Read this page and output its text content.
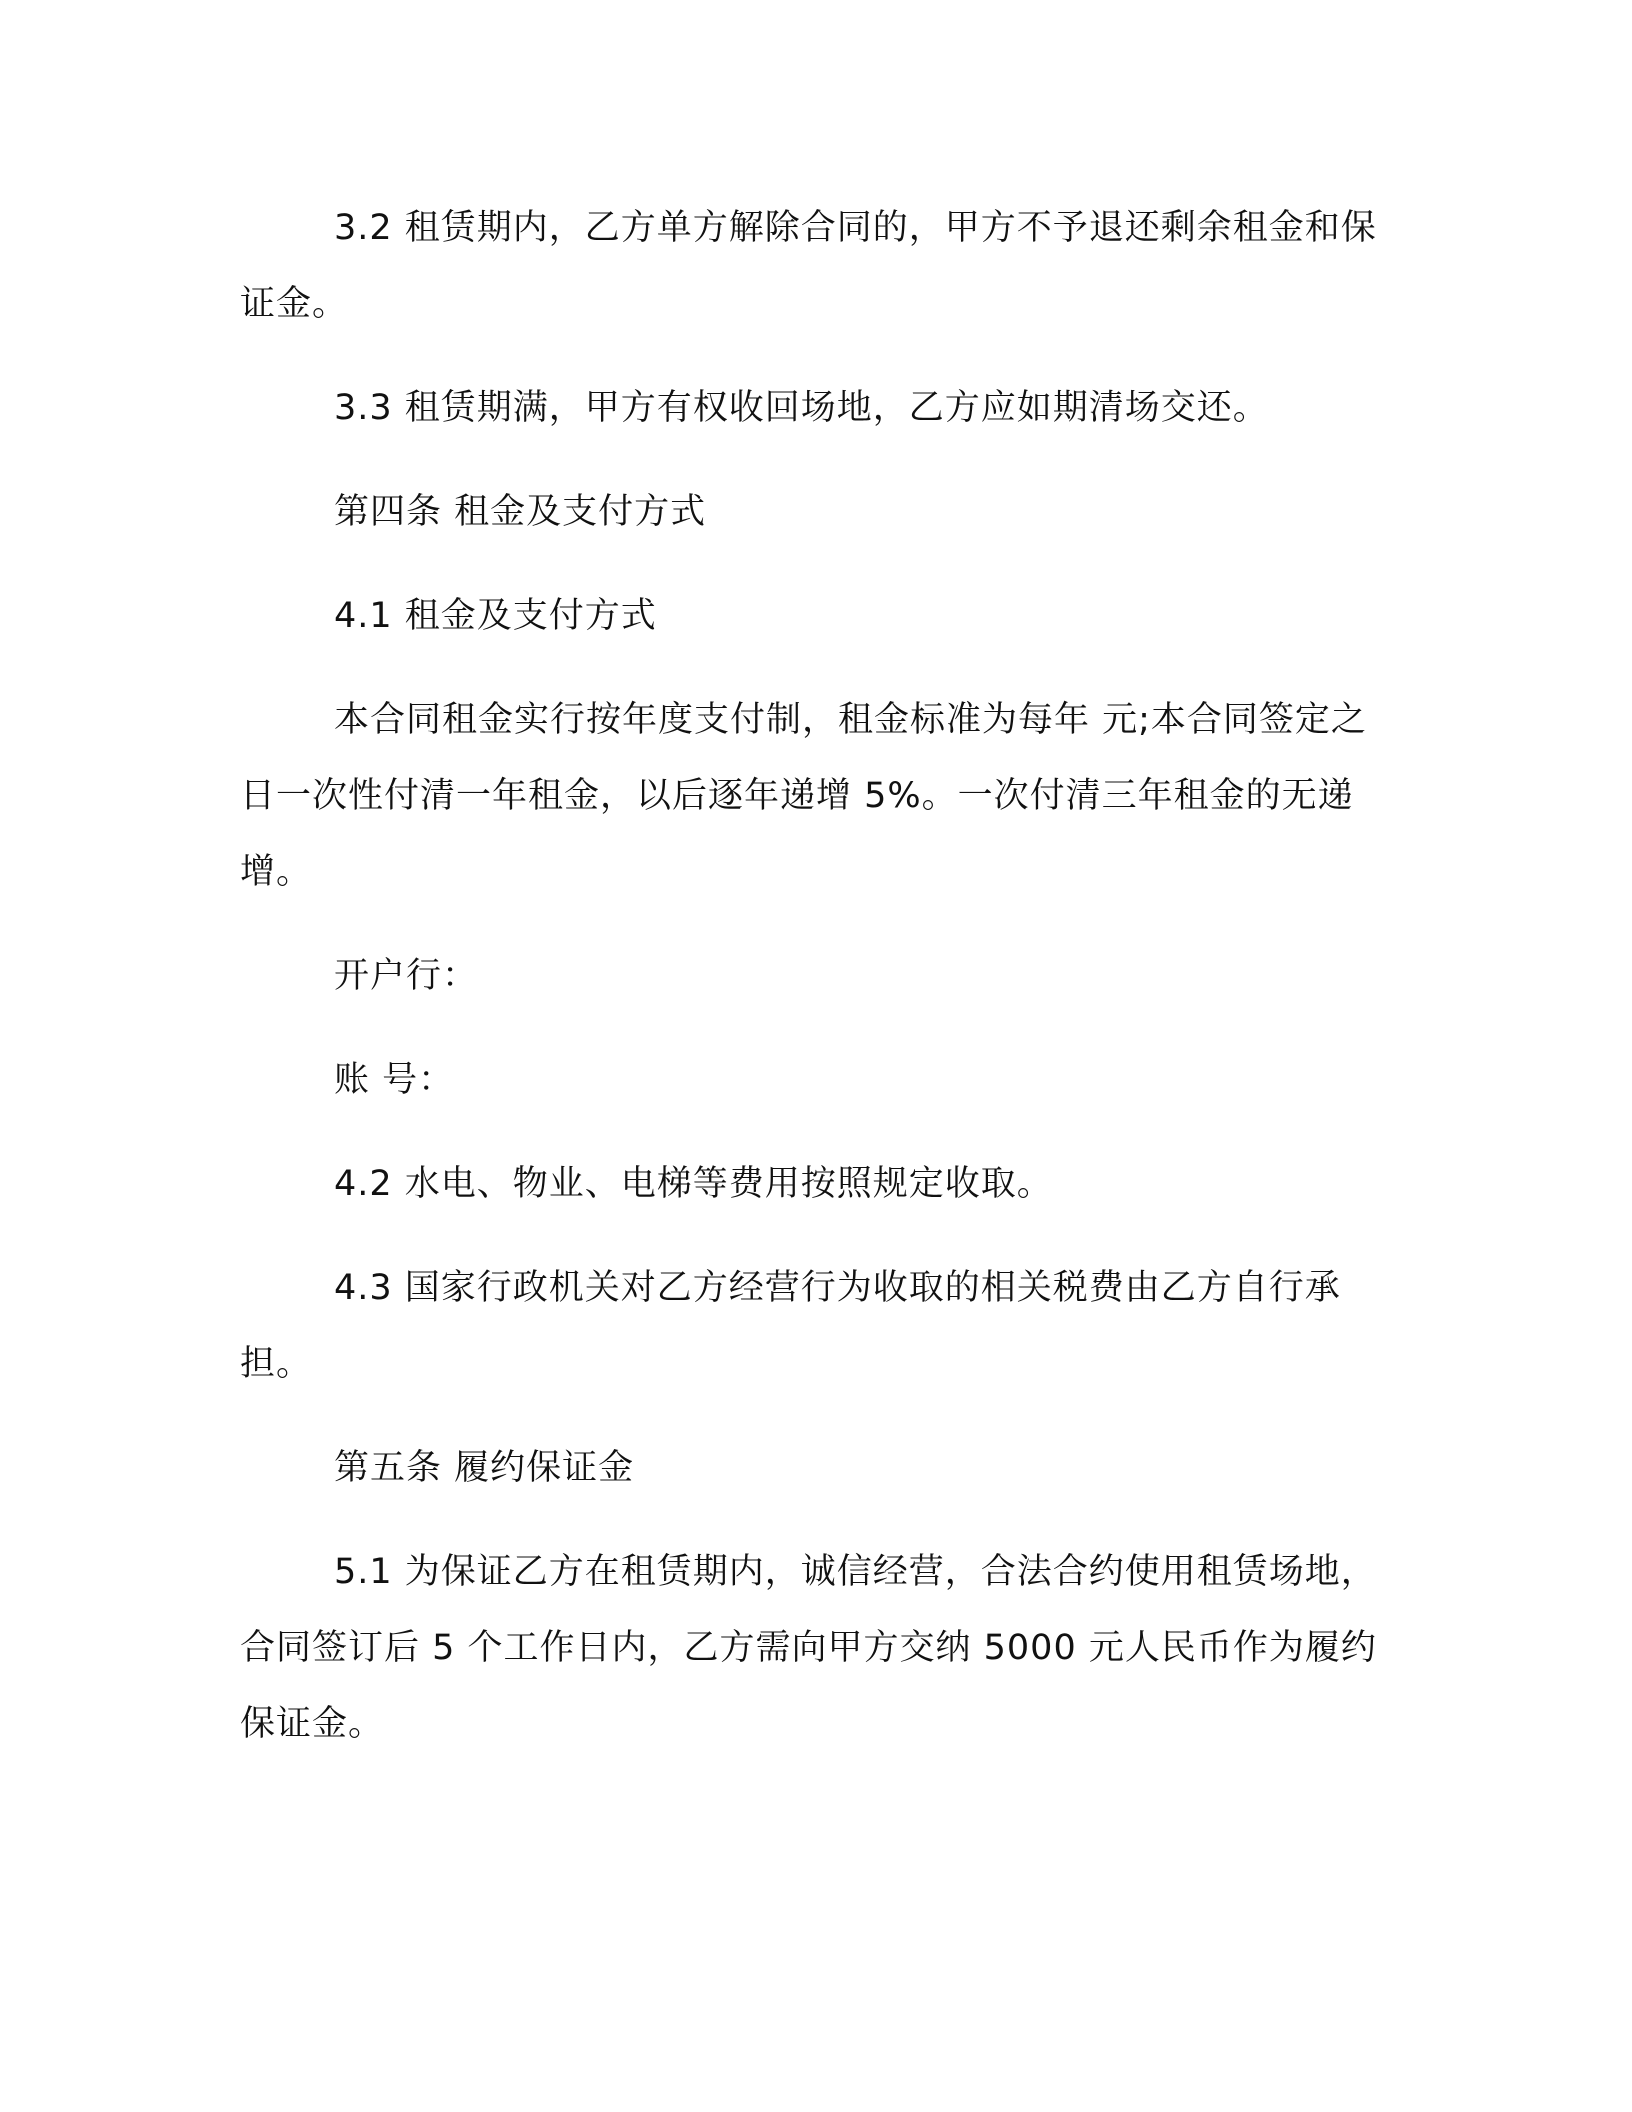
3.2 租赁期内，乙方单方解除合同的，甲方不予退还剩余租金和保证金。

3.3 租赁期满，甲方有权收回场地，乙方应如期清场交还。

第四条 租金及支付方式

4.1 租金及支付方式

本合同租金实行按年度支付制，租金标准为每年 元;本合同签定之日一次性付清一年租金，以后逐年递增 5%。一次付清三年租金的无递增。

开户行：

账 号：

4.2 水电、物业、电梯等费用按照规定收取。

4.3 国家行政机关对乙方经营行为收取的相关税费由乙方自行承担。

第五条 履约保证金

5.1 为保证乙方在租赁期内，诚信经营，合法合约使用租赁场地，合同签订后 5 个工作日内，乙方需向甲方交纳 5000 元人民币作为履约保证金。
